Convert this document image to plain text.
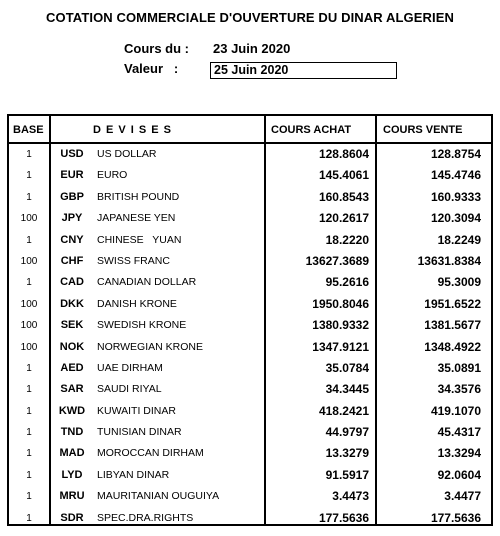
COTATION COMMERCIALE D'OUVERTURE DU DINAR ALGERIEN
Cours du : 23 Juin 2020
Valeur   :	25 Juin 2020
BASE	D E V I S E S	COURS ACHAT	COURS VENTE
1	USD	US DOLLAR	128.8604	128.8754
1	EUR	EURO	145.4061	145.4746
1	GBP	BRITISH POUND	160.8543	160.9333
100	JPY	JAPANESE YEN	120.2617	120.3094
1	CNY	CHINESE   YUAN	18.2220	18.2249
100	CHF	SWISS FRANC	13627.3689	13631.8384
1	CAD	CANADIAN DOLLAR	95.2616	95.3009
100	DKK	DANISH KRONE	1950.8046	1951.6522
100	SEK	SWEDISH KRONE	1380.9332	1381.5677
100	NOK	NORWEGIAN KRONE	1347.9121	1348.4922
1	AED	UAE DIRHAM	35.0784	35.0891
1	SAR	SAUDI RIYAL	34.3445	34.3576
1	KWD	KUWAITI DINAR	418.2421	419.1070
1	TND	TUNISIAN DINAR	44.9797	45.4317
1	MAD	MOROCCAN DIRHAM	13.3279	13.3294
1	LYD	LIBYAN DINAR	91.5917	92.0604
1	MRU	MAURITANIAN OUGUIYA	3.4473	3.4477
1	SDR	SPEC.DRA.RIGHTS	177.5636	177.5636
